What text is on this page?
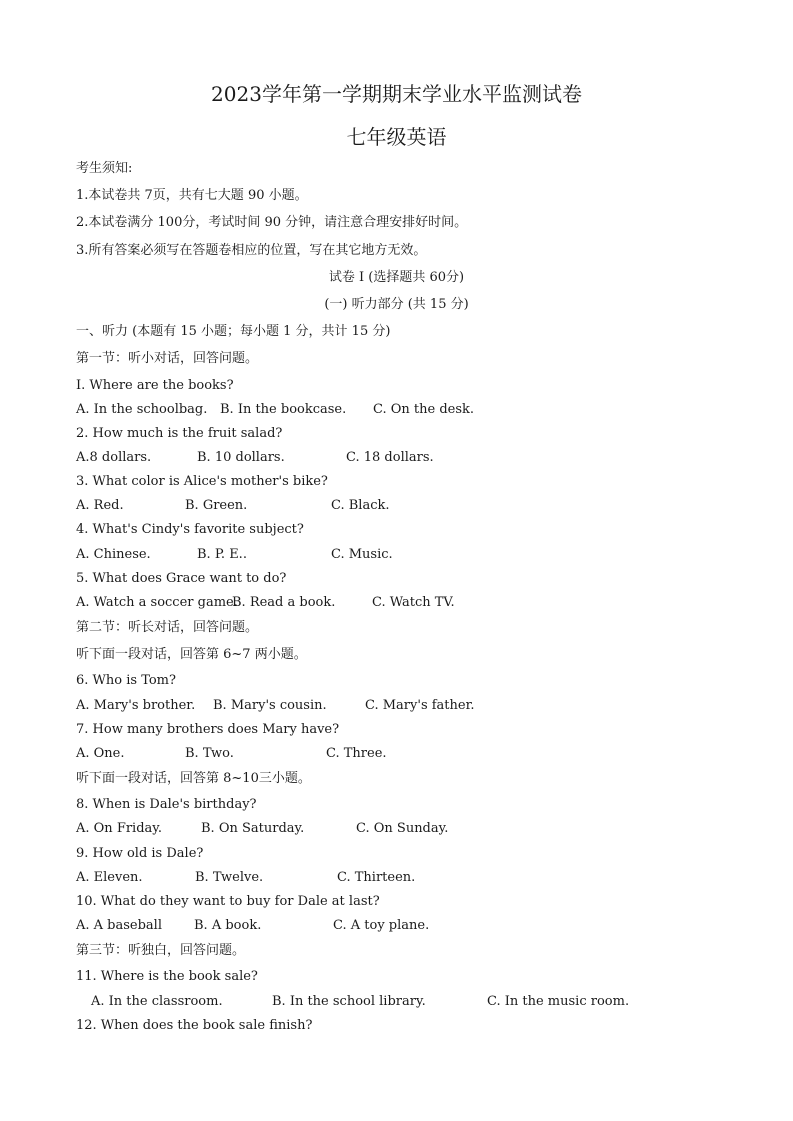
2023学年第一学期期末学业水平监测试卷
七年级英语
考生须知:
1.本试卷共 7页，共有七大题 90 小题。
2.本试卷满分 100分，考试时间 90 分钟，请注意合理安排好时间。
3.所有答案必须写在答题卷相应的位置，写在其它地方无效。
试卷 I (选择题共 60分)
(一) 听力部分 (共 15 分)
一、听力 (本题有 15 小题；每小题 1 分，共计 15 分)
第一节：听小对话，回答问题。
I. Where are the books?
A. In the schoolbag. B. In the bookcase. C. On the desk.
2. How much is the fruit salad?
A.8 dollars.	B. 10 dollars.	C. 18 dollars.
3. What color is Alice's mother's bike?
A. Red.	B. Green.	C. Black.
4. What's Cindy's favorite subject?
A. Chinese.	B. P. E..	C. Music.
5. What does Grace want to do?
A. Watch a soccer game.
B. Read a book.	C. Watch TV.
第二节：听长对话，回答问题。
听下面一段对话，回答第 6~7 两小题。
6. Who is Tom?
A. Mary's brother. B. Mary's cousin.	C. Mary's father.
7. How many brothers does Mary have?
A. One.	B. Two.	C. Three.
听下面一段对话，回答第 8~10三小题。
8. When is Dale's birthday?
A. On Friday.	B. On Saturday.	C. On Sunday.
9. How old is Dale?
A. Eleven.	B. Twelve.	C. Thirteen.
10. What do they want to buy for Dale at last?
A. A baseball B. A book.	C. A toy plane.
第三节：听独白，回答问题。
11. Where is the book sale?
A. In the classroom.	B. In the school library.	C. In the music room.
12. When does the book sale finish?
